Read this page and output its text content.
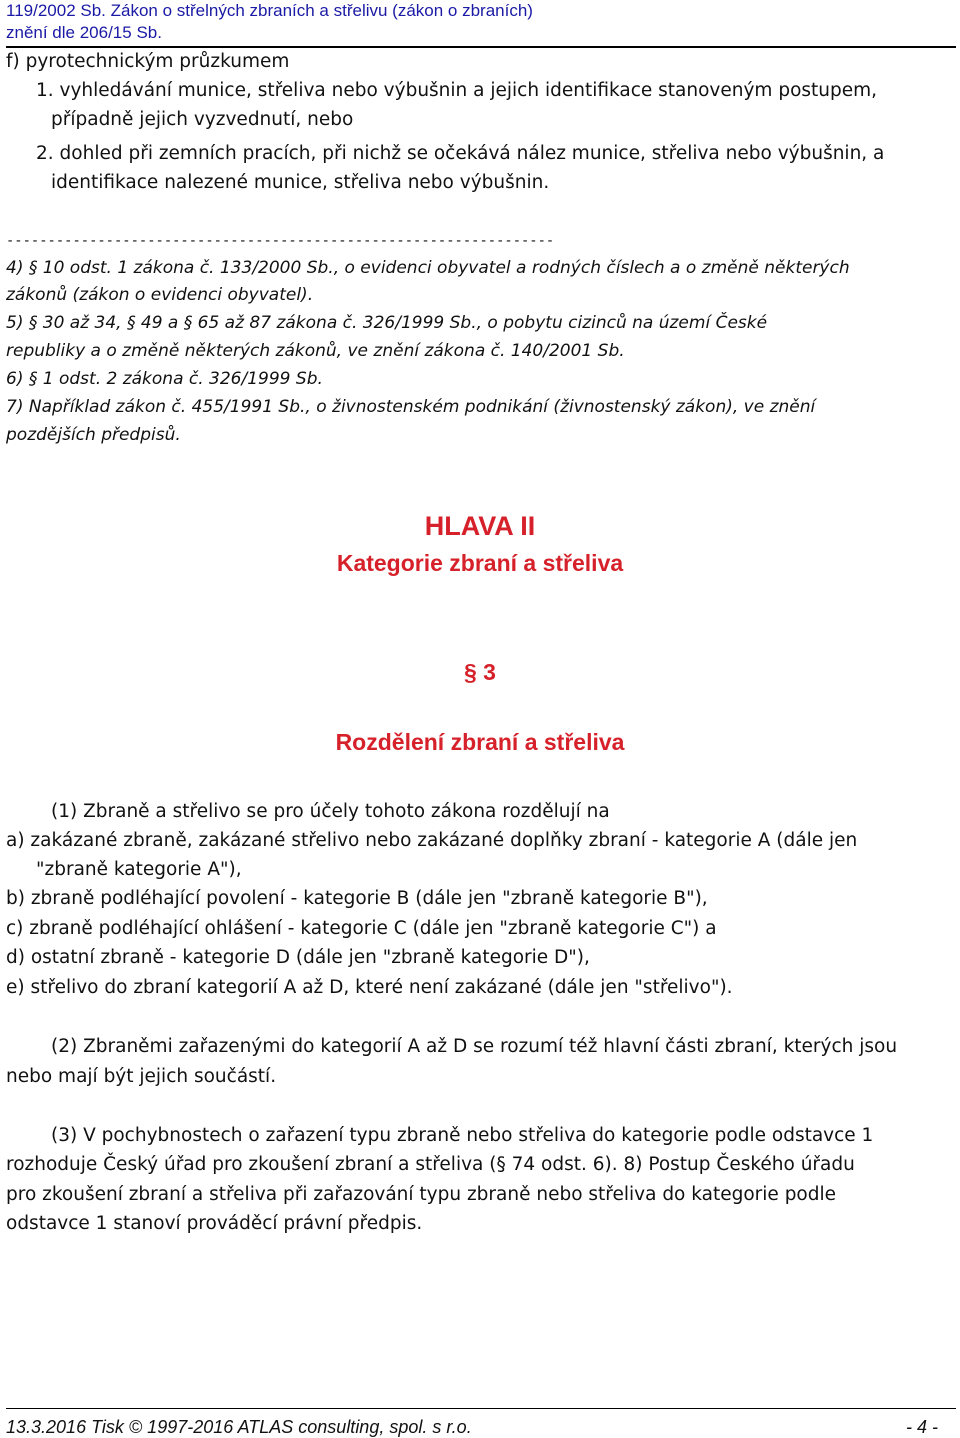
119/2002 Sb. Zákon o střelných zbraních a střelivu (zákon o zbraních)
znění dle 206/15 Sb.
f) pyrotechnickým průzkumem
1. vyhledávání munice, střeliva nebo výbušnin a jejich identifikace stanoveným postupem,
případně jejich vyzvednutí, nebo
2. dohled při zemních pracích, při nichž se očekává nález munice, střeliva nebo výbušnin, a
identifikace nalezené munice, střeliva nebo výbušnin.
------------------------------------------------------------------
4) § 10 odst. 1 zákona č. 133/2000 Sb., o evidenci obyvatel a rodných číslech a o změně některých
zákonů (zákon o evidenci obyvatel).
5) § 30 až 34, § 49 a § 65 až 87 zákona č. 326/1999 Sb., o pobytu cizinců na území České
republiky a o změně některých zákonů, ve znění zákona č. 140/2001 Sb.
6) § 1 odst. 2 zákona č. 326/1999 Sb.
7) Například zákon č. 455/1991 Sb., o živnostenském podnikání (živnostenský zákon), ve znění
pozdějších předpisů.
HLAVA II
Kategorie zbraní a střeliva
§ 3
Rozdělení zbraní a střeliva
(1) Zbraně a střelivo se pro účely tohoto zákona rozdělují na
a) zakázané zbraně, zakázané střelivo nebo zakázané doplňky zbraní - kategorie A (dále jen
"zbraně kategorie A"),
b) zbraně podléhající povolení - kategorie B (dále jen "zbraně kategorie B"),
c) zbraně podléhající ohlášení - kategorie C (dále jen "zbraně kategorie C") a
d) ostatní zbraně - kategorie D (dále jen "zbraně kategorie D"),
e) střelivo do zbraní kategorií A až D, které není zakázané (dále jen "střelivo").
(2) Zbraněmi zařazenými do kategorií A až D se rozumí též hlavní části zbraní, kterých jsou
nebo mají být jejich součástí.
(3) V pochybnostech o zařazení typu zbraně nebo střeliva do kategorie podle odstavce 1
rozhoduje Český úřad pro zkoušení zbraní a střeliva (§ 74 odst. 6). 8) Postup Českého úřadu
pro zkoušení zbraní a střeliva při zařazování typu zbraně nebo střeliva do kategorie podle
odstavce 1 stanoví prováděcí právní předpis.
13.3.2016 Tisk © 1997-2016 ATLAS consulting, spol. s r.o.	- 4 -
